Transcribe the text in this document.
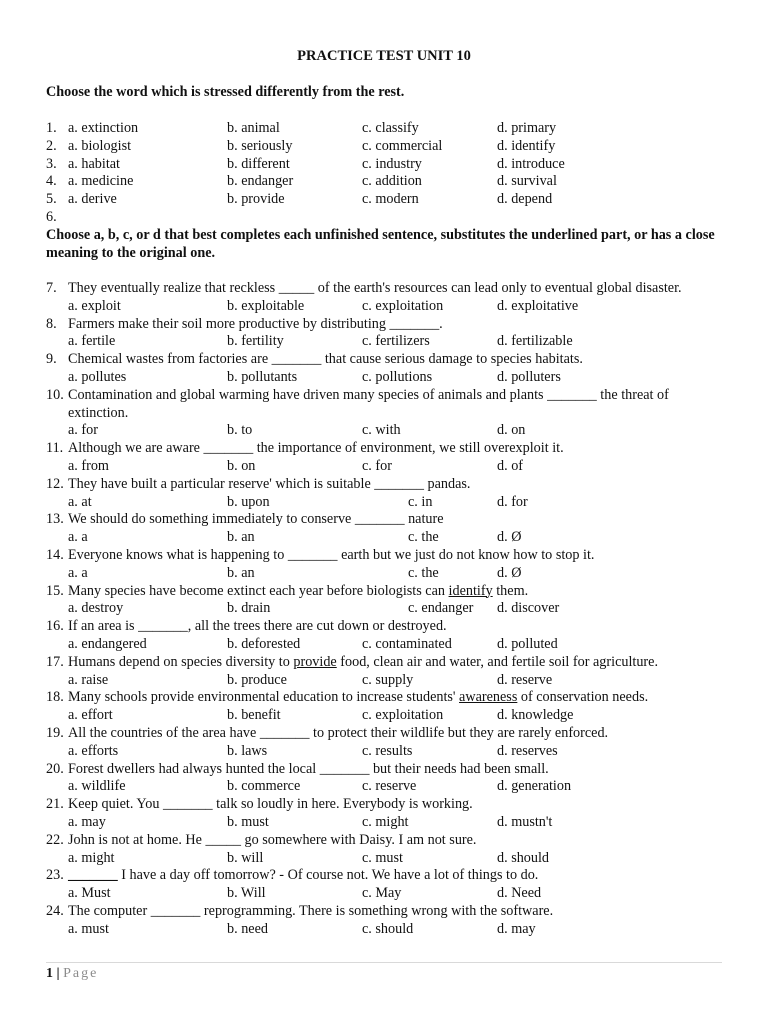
PRACTICE TEST UNIT 10
Choose the word which is stressed differently from the rest.
1. a. extinction	b. animal	c. classify	d. primary
2. a. biologist	b. seriously	c. commercial	d. identify
3. a. habitat	b. different	c. industry	d. introduce
4. a. medicine	b. endanger	c. addition	d. survival
5. a. derive	b. provide	c. modern	d. depend
6.
Choose a, b, c, or d that best completes each unfinished sentence, substitutes the underlined part, or has a close meaning to the original one.
7. They eventually realize that reckless _____ of the earth's resources can lead only to eventual global disaster.
a. exploit	b. exploitable	c. exploitation	d. exploitative
8. Farmers make their soil more productive by distributing _______.
a. fertile	b. fertility	c. fertilizers	d. fertilizable
9. Chemical wastes from factories are _______ that cause serious damage to species habitats.
a. pollutes	b. pollutants	c. pollutions	d. polluters
10. Contamination and global warming have driven many species of animals and plants _______ the threat of extinction.
a. for	b. to	c. with	d. on
11. Although we are aware _______ the importance of environment, we still overexploit it.
a. from	b. on	c. for	d. of
12. They have built a particular reserve' which is suitable _______ pandas.
a. at	b. upon	c. in	d. for
13. We should do something immediately to conserve _______ nature
a. a	b. an	c. the	d. Ø
14. Everyone knows what is happening to _______ earth but we just do not know how to stop it.
a. a	b. an	c. the	d. Ø
15. Many species have become extinct each year before biologists can identify them.
a. destroy	b. drain	c. endanger d. discover
16. If an area is _______, all the trees there are cut down or destroyed.
a. endangered	b. deforested	c. contaminated	d. polluted
17. Humans depend on species diversity to provide food, clean air and water, and fertile soil for agriculture.
a. raise	b. produce	c. supply	d. reserve
18. Many schools provide environmental education to increase students' awareness of conservation needs.
a. effort	b. benefit	c. exploitation	d. knowledge
19. All the countries of the area have _______ to protect their wildlife but they are rarely enforced.
a. efforts	b. laws	c. results	d. reserves
20. Forest dwellers had always hunted the local _______ but their needs had been small.
a. wildlife	b. commerce	c. reserve	d. generation
21. Keep quiet. You _______ talk so loudly in here. Everybody is working.
a. may	b. must	c. might	d. mustn't
22. John is not at home. He _____ go somewhere with Daisy. I am not sure.
a. might	b. will	c. must	d. should
23. _______ I have a day off tomorrow? - Of course not. We have a lot of things to do.
a. Must	b. Will	c. May	d. Need
24. The computer _______ reprogramming. There is something wrong with the software.
a. must	b. need	c. should	d. may
1 | Page
